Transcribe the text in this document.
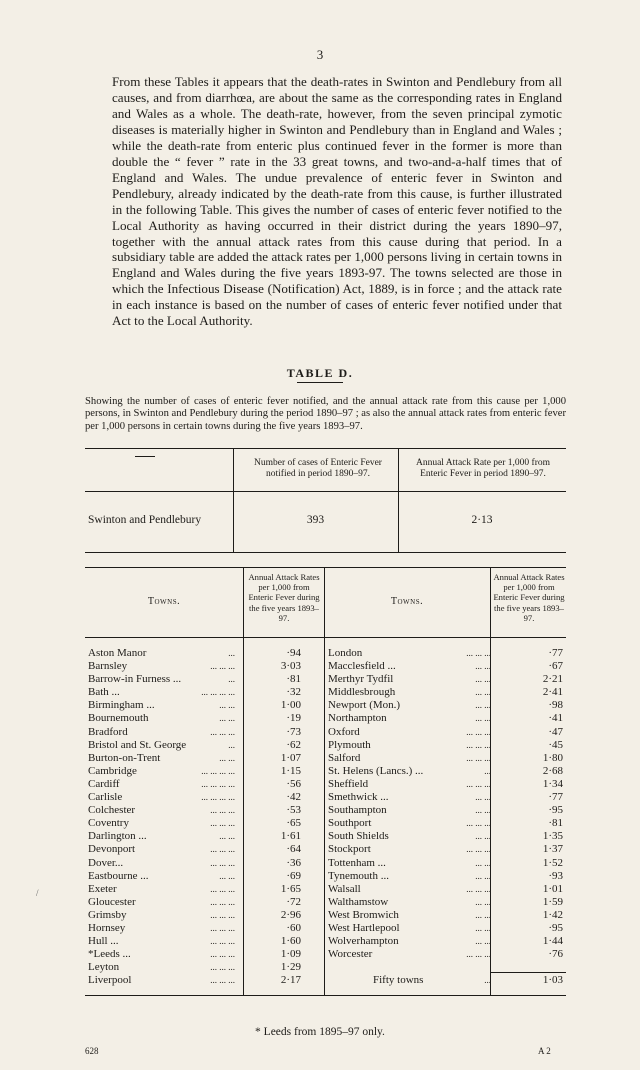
3

From these Tables it appears that the death-rates in Swinton and Pendlebury from all causes, and from diarrhœa, are about the same as the corresponding rates in England and Wales as a whole. The death-rate, however, from the seven principal zymotic diseases is materially higher in Swinton and Pendlebury than in England and Wales ; while the death-rate from enteric plus continued fever in the former is more than double the “ fever ” rate in the 33 great towns, and two-and-a-half times that of England and Wales. The undue prevalence of enteric fever in Swinton and Pendlebury, already indicated by the death-rate from this cause, is further illustrated in the following Table. This gives the number of cases of enteric fever notified to the Local Authority as having occurred in their district during the years 1890–97, together with the annual attack rates from this cause during that period. In a subsidiary table are added the attack rates per 1,000 persons living in certain towns in England and Wales during the five years 1893-97. The towns selected are those in which the Infectious Disease (Notification) Act, 1889, is in force ; and the attack rate in each instance is based on the number of cases of enteric fever notified under that Act to the Local Authority.

TABLE D.

Showing the number of cases of enteric fever notified, and the annual attack rate from this cause per 1,000 persons, in Swinton and Pendlebury during the period 1890–97 ; as also the annual attack rates from enteric fever per 1,000 persons in certain towns during the five years 1893–97.

Number of cases of Enteric Fever notified in period 1890–97.
Annual Attack Rate per 1,000 from Enteric Fever in period 1890–97.
Swinton and Pendlebury	393	2·13
Towns.
Annual Attack Rates per 1,000 from Enteric Fever during the five years 1893–97.
Towns.
Annual Attack Rates per 1,000 from Enteric Fever during the five years 1893–97.
Aston Manor	...	·94
Barnsley	... ... ...	3·03
Barrow-in Furness ...	...	·81
Bath ...	... ... ... ...	·32
Birmingham ...	... ...	1·00
Bournemouth	... ...	·19
Bradford	... ... ...	·73
Bristol and St. George	...	·62
Burton-on-Trent	... ...	1·07
Cambridge	... ... ... ...	1·15
Cardiff	... ... ... ...	·56
Carlisle	... ... ... ...	·42
Colchester	... ... ...	·53
Coventry	... ... ...	·65
Darlington ...	... ...	1·61
Devonport	... ... ...	·64
Dover...	... ... ...	·36
Eastbourne ...	... ...	·69
Exeter	... ... ...	1·65
Gloucester	... ... ...	·72
Grimsby	... ... ...	2·96
Hornsey	... ... ...	·60
Hull ...	... ... ...	1·60
*Leeds ...	... ... ...	1·09
Leyton	... ... ...	1·29
Liverpool	... ... ...	2·17
London	... ... ...	·77
Macclesfield ...	... ...	·67
Merthyr Tydfil	... ...	2·21
Middlesbrough	... ...	2·41
Newport (Mon.)	... ...	·98
Northampton	... ...	·41
Oxford	... ... ...	·47
Plymouth	... ... ...	·45
Salford	... ... ...	1·80
St. Helens (Lancs.) ...	...	2·68
Sheffield	... ... ...	1·34
Smethwick ...	... ...	·77
Southampton	... ...	·95
Southport	... ... ...	·81
South Shields	... ...	1·35
Stockport	... ... ...	1·37
Tottenham ...	... ...	1·52
Tynemouth ...	... ...	·93
Walsall	... ... ...	1·01
Walthamstow	... ...	1·59
West Bromwich	... ...	1·42
West Hartlepool	... ...	·95
Wolverhampton	... ...	1·44
Worcester	... ... ...	·76
Fifty towns	...	1·03
/
* Leeds from 1895–97 only.
628	A 2
